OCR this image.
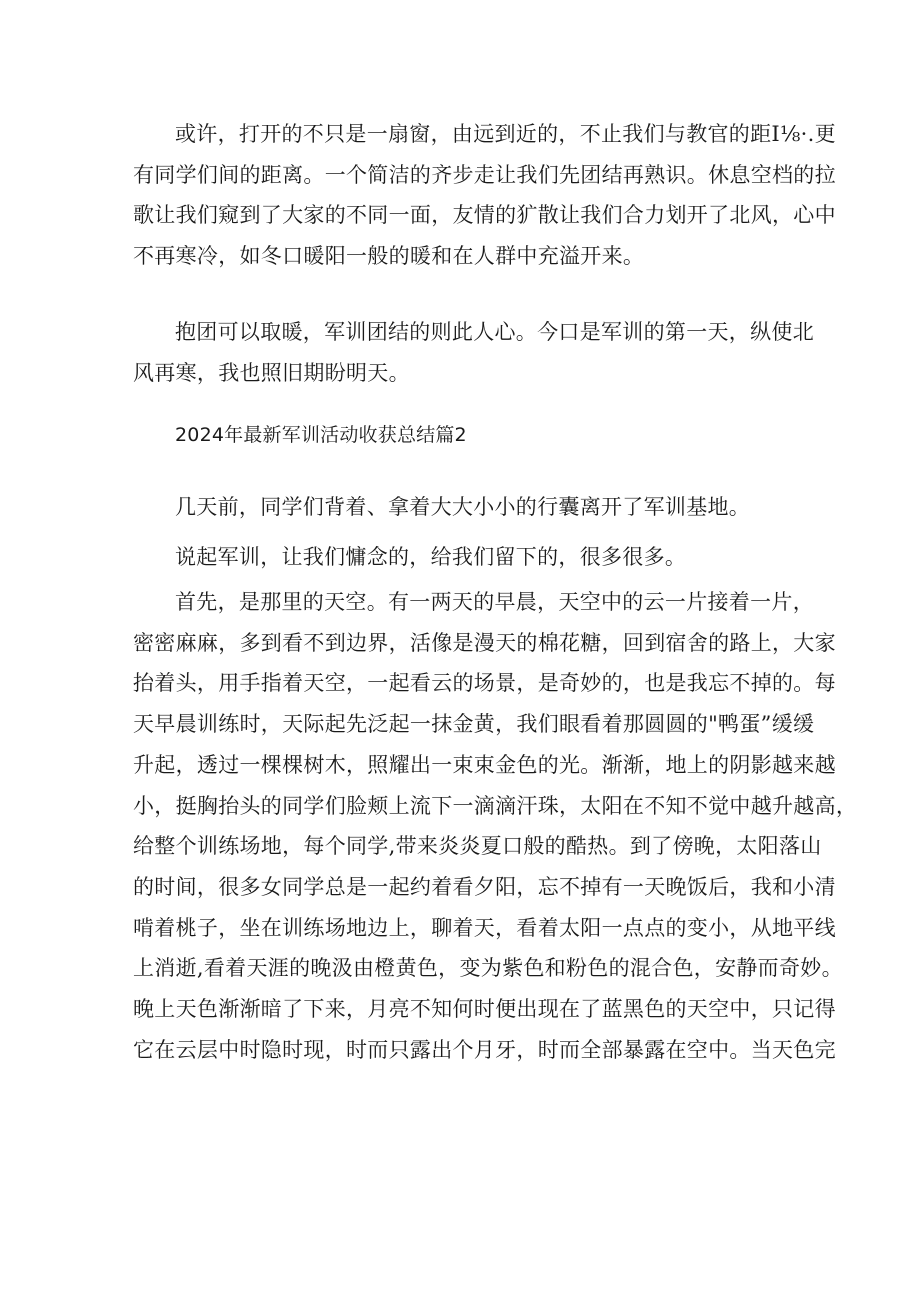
或许，打开的不只是一扇窗，由远到近的，不止我们与教官的距I⅛·.更
有同学们间的距离。一个简洁的齐步走让我们先团结再熟识。休息空档的拉
歌让我们窥到了大家的不同一面，友情的犷散让我们合力划开了北风，心中
不再寒冷，如冬口暖阳一般的暖和在人群中充溢开来。

抱团可以取暖，军训团结的则此人心。今口是军训的第一天，纵使北
风再寒，我也照旧期盼明天。

2024年最新军训活动收获总结篇2

几天前，同学们背着、拿着大大小小的行囊离开了军训基地。

说起军训，让我们慵念的，给我们留下的，很多很多。

首先，是那里的天空。有一两天的早晨，天空中的云一片接着一片，
密密麻麻，多到看不到边界，活像是漫天的棉花糖，回到宿舍的路上，大家
抬着头，用手指着天空，一起看云的场景，是奇妙的，也是我忘不掉的。每
天早晨训练时，天际起先泛起一抹金黄，我们眼看着那圆圆的"鸭蛋”缓缓
升起，透过一棵棵树木，照耀出一束束金色的光。渐渐，地上的阴影越来越
小，挺胸抬头的同学们脸颊上流下一滴滴汗珠，太阳在不知不觉中越升越高，
给整个训练场地，每个同学,带来炎炎夏口般的酷热。到了傍晚，太阳落山
的时间，很多女同学总是一起约着看夕阳，忘不掉有一天晚饭后，我和小清
啃着桃子，坐在训练场地边上，聊着天，看着太阳一点点的变小，从地平线
上消逝,看着天涯的晚汲由橙黄色，变为紫色和粉色的混合色，安静而奇妙。
晚上天色渐渐暗了下来，月亮不知何时便出现在了蓝黑色的天空中，只记得
它在云层中时隐时现，时而只露出个月牙，时而全部暴露在空中。当天色完
